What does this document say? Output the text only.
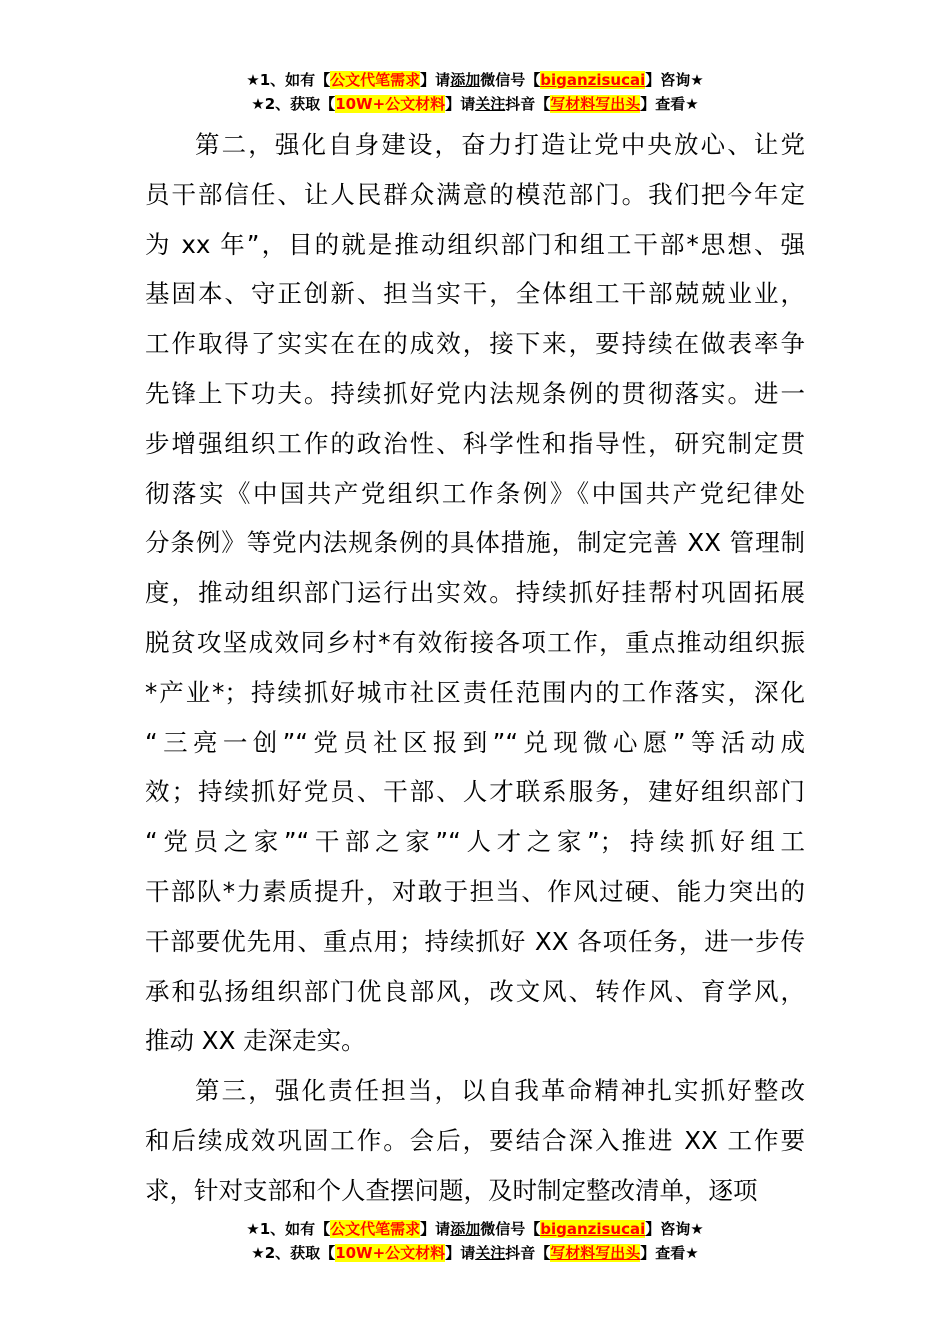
★1、如有【公文代笔需求】请添加微信号【biganzisucai】咨询★
★2、获取【10W+公文材料】请关注抖音【写材料写出头】查看★
第二，强化自身建设，奋力打造让党中央放心、让党
员干部信任、让人民群众满意的模范部门。我们把今年定
为 xx 年”，目的就是推动组织部门和组工干部*思想、强
基固本、守正创新、担当实干，全体组工干部兢兢业业，
工作取得了实实在在的成效，接下来，要持续在做表率争
先锋上下功夫。持续抓好党内法规条例的贯彻落实。进一
步增强组织工作的政治性、科学性和指导性，研究制定贯
彻落实《中国共产党组织工作条例》《中国共产党纪律处
分条例》等党内法规条例的具体措施，制定完善 XX 管理制
度，推动组织部门运行出实效。持续抓好挂帮村巩固拓展
脱贫攻坚成效同乡村*有效衔接各项工作，重点推动组织振
*产业*；持续抓好城市社区责任范围内的工作落实，深化
“三亮一创”“党员社区报到”“兑现微心愿”等活动成
效；持续抓好党员、干部、人才联系服务，建好组织部门
“党员之家”“干部之家”“人才之家”；持续抓好组工
干部队*力素质提升，对敢于担当、作风过硬、能力突出的
干部要优先用、重点用；持续抓好 XX 各项任务，进一步传
承和弘扬组织部门优良部风，改文风、转作风、育学风，
推动 XX 走深走实。
第三，强化责任担当，以自我革命精神扎实抓好整改
和后续成效巩固工作。会后，要结合深入推进 XX 工作要
求，针对支部和个人查摆问题，及时制定整改清单，逐项
★1、如有【公文代笔需求】请添加微信号【biganzisucai】咨询★
★2、获取【10W+公文材料】请关注抖音【写材料写出头】查看★
